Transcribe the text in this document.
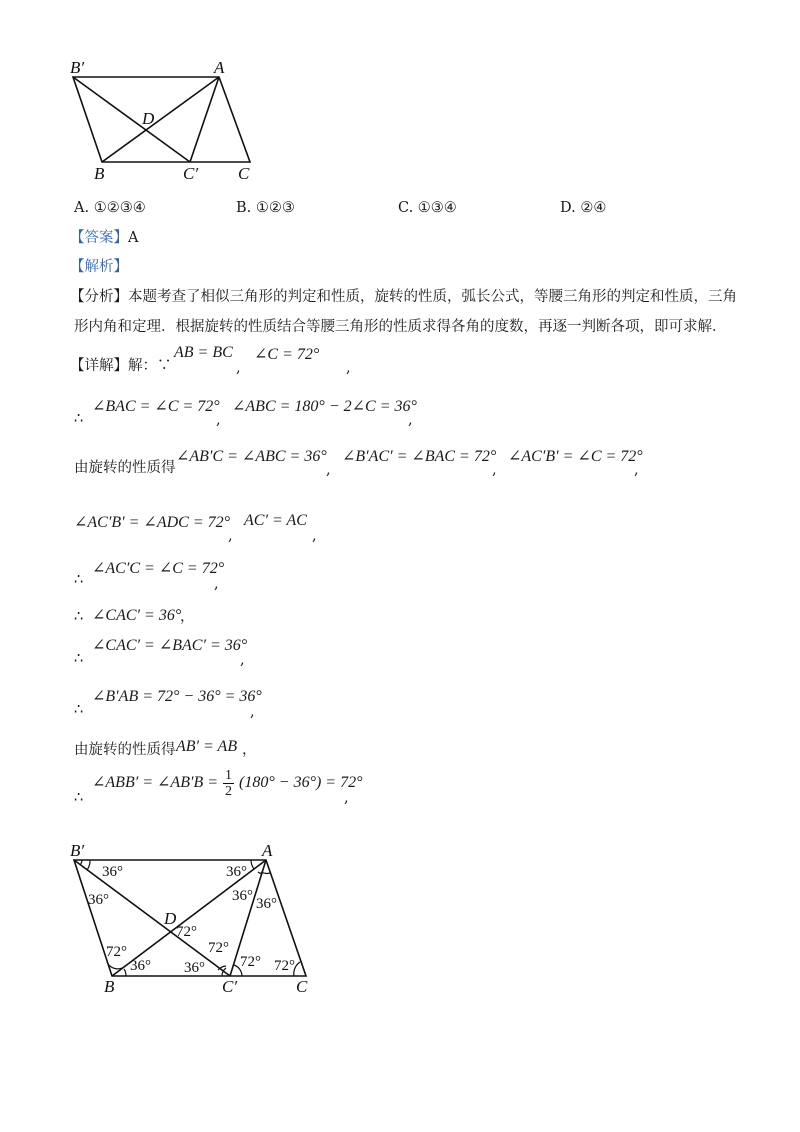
B′	A
D
B	C′ C
A. ①②③④	B. ①②③	C. ①③④	D. ②④
【答案】A
【解析】
【分析】本题考查了相似三角形的判定和性质，旋转的性质，弧长公式，等腰三角形的判定和性质，三角
形内角和定理．根据旋转的性质结合等腰三角形的性质求得各角的度数，再逐一判断各项，即可求解．
【详解】解：∵
AB = BC
,
∠C = 72°
,
∴
∠BAC = ∠C = 72°
,
∠ABC = 180° − 2∠C = 36°
,
由旋转的性质得
∠AB′C = ∠ABC = 36°
,
∠B′AC′ = ∠BAC = 72°
,
∠AC′B′ = ∠C = 72°
,
∠AC′B′ = ∠ADC = 72°
,
AC′ = AC
,
∴
∠AC′C = ∠C = 72°
,
∴ ∠CAC′ = 36°
，
∴
∠CAC′ = ∠BAC′ = 36°
,
∴
∠B′AB = 72° − 36° = 36°
,
由旋转的性质得 AB′ = AB ，
∴
∠ABB′ = ∠AB′B = $\frac{1}{2} (180^\circ - 36^\circ) = 72^\circ$
,
B′	A
D
B	C′	C
36°	36°
36°	36° 36°
72°
72°	72°
36° 36° 72° 72°
